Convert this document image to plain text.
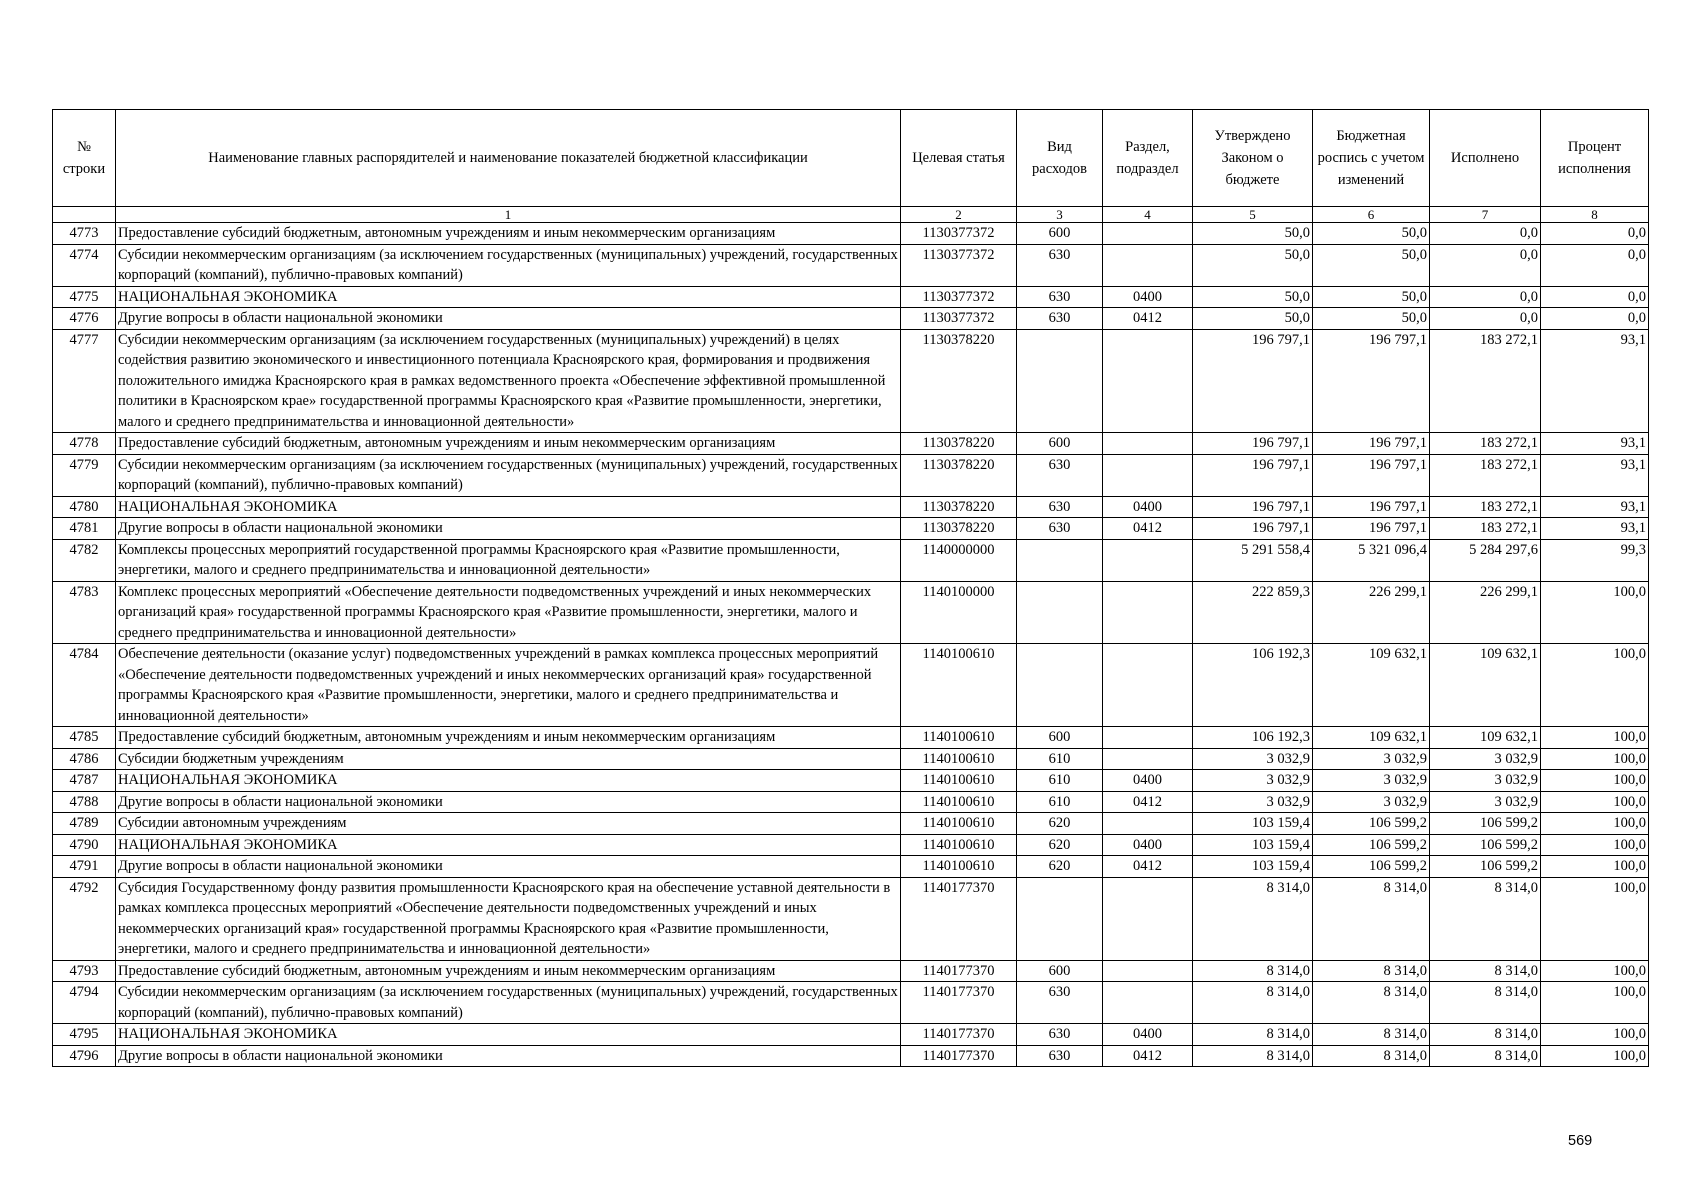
№ строки	Наименование главных распорядителей и наименование показателей бюджетной классификации	Целевая статья	Вид расходов	Раздел, подраздел	Утверждено Законом о бюджете	Бюджетная роспись с учетом изменений	Исполнено	Процент исполнения
	1	2	3	4	5	6	7	8
4773	Предоставление субсидий бюджетным, автономным учреждениям и иным некоммерческим организациям	1130377372	600		50,0	50,0	0,0	0,0
4774	Субсидии некоммерческим организациям (за исключением государственных (муниципальных) учреждений, государственных корпораций (компаний), публично-правовых компаний)	1130377372	630		50,0	50,0	0,0	0,0
4775	НАЦИОНАЛЬНАЯ ЭКОНОМИКА	1130377372	630	0400	50,0	50,0	0,0	0,0
4776	Другие вопросы в области национальной экономики	1130377372	630	0412	50,0	50,0	0,0	0,0
4777	Субсидии некоммерческим организациям (за исключением государственных (муниципальных) учреждений) в целях содействия развитию экономического и инвестиционного потенциала Красноярского края, формирования и продвижения положительного имиджа Красноярского края в рамках ведомственного проекта «Обеспечение эффективной промышленной политики в Красноярском крае» государственной программы Красноярского края «Развитие промышленности, энергетики, малого и среднего предпринимательства и инновационной деятельности»	1130378220			196 797,1	196 797,1	183 272,1	93,1
4778	Предоставление субсидий бюджетным, автономным учреждениям и иным некоммерческим организациям	1130378220	600		196 797,1	196 797,1	183 272,1	93,1
4779	Субсидии некоммерческим организациям (за исключением государственных (муниципальных) учреждений, государственных корпораций (компаний), публично-правовых компаний)	1130378220	630		196 797,1	196 797,1	183 272,1	93,1
4780	НАЦИОНАЛЬНАЯ ЭКОНОМИКА	1130378220	630	0400	196 797,1	196 797,1	183 272,1	93,1
4781	Другие вопросы в области национальной экономики	1130378220	630	0412	196 797,1	196 797,1	183 272,1	93,1
4782	Комплексы процессных мероприятий государственной программы Красноярского края «Развитие промышленности, энергетики, малого и среднего предпринимательства и инновационной деятельности»	1140000000			5 291 558,4	5 321 096,4	5 284 297,6	99,3
4783	Комплекс процессных мероприятий «Обеспечение деятельности подведомственных учреждений и иных некоммерческих организаций края» государственной программы Красноярского края «Развитие промышленности, энергетики, малого и среднего предпринимательства и инновационной деятельности»	1140100000			222 859,3	226 299,1	226 299,1	100,0
4784	Обеспечение деятельности (оказание услуг) подведомственных учреждений в рамках комплекса процессных мероприятий «Обеспечение деятельности подведомственных учреждений и иных некоммерческих организаций края» государственной программы Красноярского края «Развитие промышленности, энергетики, малого и среднего предпринимательства и инновационной деятельности»	1140100610			106 192,3	109 632,1	109 632,1	100,0
4785	Предоставление субсидий бюджетным, автономным учреждениям и иным некоммерческим организациям	1140100610	600		106 192,3	109 632,1	109 632,1	100,0
4786	Субсидии бюджетным учреждениям	1140100610	610		3 032,9	3 032,9	3 032,9	100,0
4787	НАЦИОНАЛЬНАЯ ЭКОНОМИКА	1140100610	610	0400	3 032,9	3 032,9	3 032,9	100,0
4788	Другие вопросы в области национальной экономики	1140100610	610	0412	3 032,9	3 032,9	3 032,9	100,0
4789	Субсидии автономным учреждениям	1140100610	620		103 159,4	106 599,2	106 599,2	100,0
4790	НАЦИОНАЛЬНАЯ ЭКОНОМИКА	1140100610	620	0400	103 159,4	106 599,2	106 599,2	100,0
4791	Другие вопросы в области национальной экономики	1140100610	620	0412	103 159,4	106 599,2	106 599,2	100,0
4792	Субсидия Государственному фонду развития промышленности Красноярского края на обеспечение уставной деятельности в рамках комплекса процессных мероприятий «Обеспечение деятельности подведомственных учреждений и иных некоммерческих организаций края» государственной программы Красноярского края «Развитие промышленности, энергетики, малого и среднего предпринимательства и инновационной деятельности»	1140177370			8 314,0	8 314,0	8 314,0	100,0
4793	Предоставление субсидий бюджетным, автономным учреждениям и иным некоммерческим организациям	1140177370	600		8 314,0	8 314,0	8 314,0	100,0
4794	Субсидии некоммерческим организациям (за исключением государственных (муниципальных) учреждений, государственных корпораций (компаний), публично-правовых компаний)	1140177370	630		8 314,0	8 314,0	8 314,0	100,0
4795	НАЦИОНАЛЬНАЯ ЭКОНОМИКА	1140177370	630	0400	8 314,0	8 314,0	8 314,0	100,0
4796	Другие вопросы в области национальной экономики	1140177370	630	0412	8 314,0	8 314,0	8 314,0	100,0
569
